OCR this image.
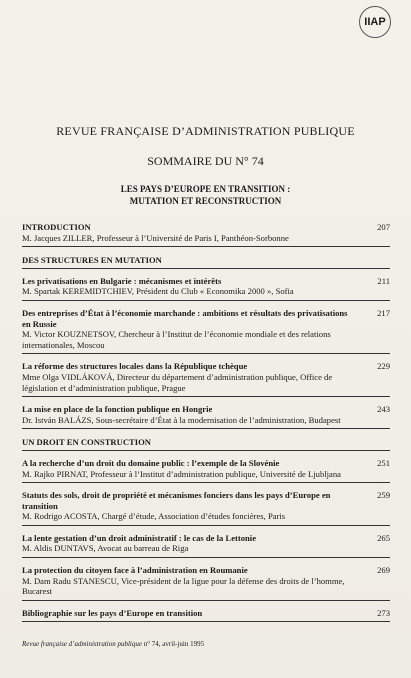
IIAP
REVUE FRANÇAISE D’ADMINISTRATION PUBLIQUE
SOMMAIRE DU N° 74
LES PAYS D’EUROPE EN TRANSITION :
MUTATION ET RECONSTRUCTION
INTRODUCTION
M. Jacques ZILLER, Professeur à l’Université de Paris I, Panthéon-Sorbonne
207
DES STRUCTURES EN MUTATION
Les privatisations en Bulgarie : mécanismes et intérêts
M. Spartak KEREMIDTCHIEV, Président du Club « Economika 2000 », Sofia
211
Des entreprises d’État à l’économie marchande : ambitions et résultats des privatisations en Russie
M. Victor KOUZNETSOV, Chercheur à l’Institut de l’économie mondiale et des relations internationales, Moscou
217
La réforme des structures locales dans la République tchèque
Mme Olga VIDLÁKOVÁ, Directeur du département d’administration publique, Office de législation et d’administration publique, Prague
229
La mise en place de la fonction publique en Hongrie
Dr. István BALÁZS, Sous-secrétaire d’État à la modernisation de l’administration, Budapest
243
UN DROIT EN CONSTRUCTION
A la recherche d’un droit du domaine public : l’exemple de la Slovénie
M. Rajko PIRNAT, Professeur à l’Institut d’administration publique, Université de Ljubljana
251
Statuts des sols, droit de propriété et mécanismes fonciers dans les pays d’Europe en transition
M. Rodrigo ACOSTA, Chargé d’étude, Association d’études foncières, Paris
259
La lente gestation d’un droit administratif : le cas de la Lettonie
M. Aldis DUNTAVS, Avocat au barreau de Riga
265
La protection du citoyen face à l’administration en Roumanie
M. Dam Radu STANESCU, Vice-président de la ligue pour la défense des droits de l’homme, Bucarest
269
Bibliographie sur les pays d’Europe en transition	273
Revue française d’administration publique n° 74, avril-juin 1995
